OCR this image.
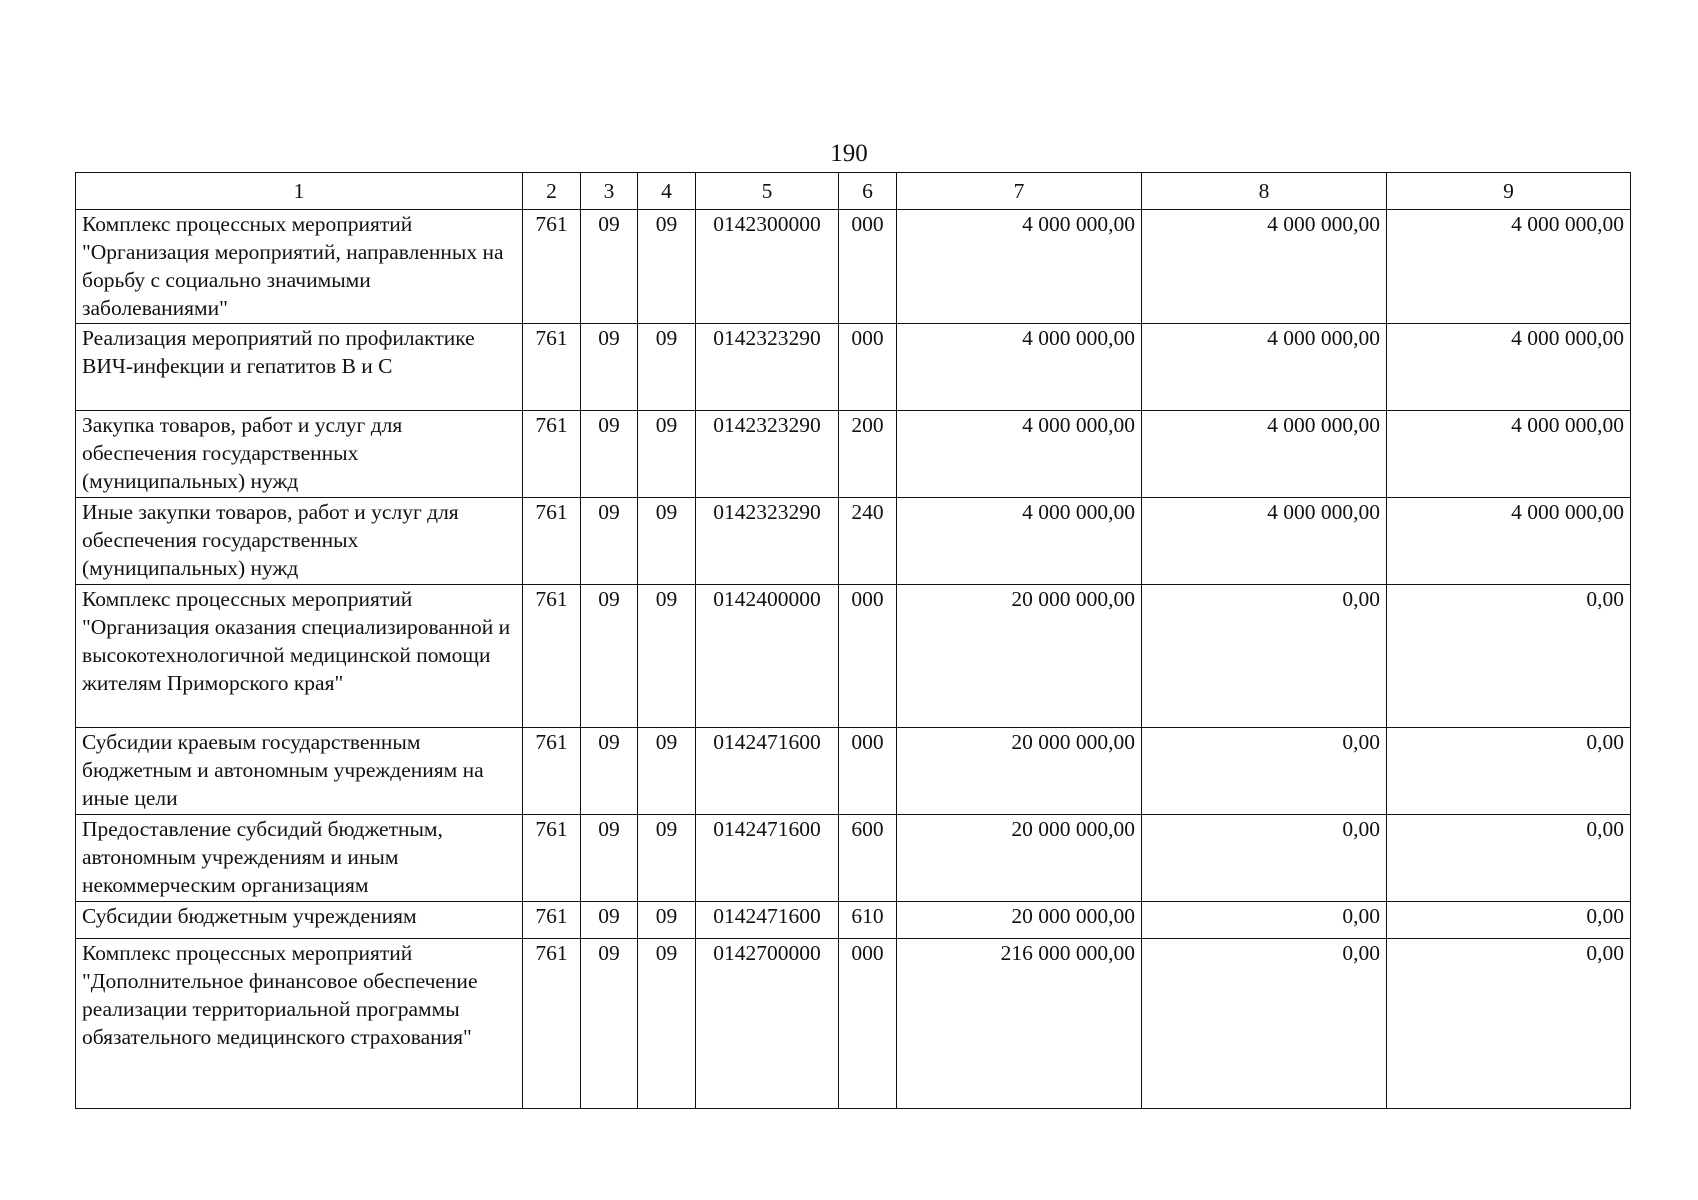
190
1	2	3	4	5	6	7	8	9
Комплекс процессных мероприятий "Организация мероприятий, направленных на борьбу с социально значимыми заболеваниями"	761	09	09	0142300000	000	4 000 000,00	4 000 000,00	4 000 000,00
Реализация мероприятий по профилактике ВИЧ-инфекции и гепатитов В и С	761	09	09	0142323290	000	4 000 000,00	4 000 000,00	4 000 000,00
Закупка товаров, работ и услуг для обеспечения государственных (муниципальных) нужд	761	09	09	0142323290	200	4 000 000,00	4 000 000,00	4 000 000,00
Иные закупки товаров, работ и услуг для обеспечения государственных (муниципальных) нужд	761	09	09	0142323290	240	4 000 000,00	4 000 000,00	4 000 000,00
Комплекс процессных мероприятий "Организация оказания специализированной и высокотехнологичной медицинской помощи жителям Приморского края"	761	09	09	0142400000	000	20 000 000,00	0,00	0,00
Субсидии краевым государственным бюджетным и автономным учреждениям на иные цели	761	09	09	0142471600	000	20 000 000,00	0,00	0,00
Предоставление субсидий бюджетным, автономным учреждениям и иным некоммерческим организациям	761	09	09	0142471600	600	20 000 000,00	0,00	0,00
Субсидии бюджетным учреждениям	761	09	09	0142471600	610	20 000 000,00	0,00	0,00
Комплекс процессных мероприятий "Дополнительное финансовое обеспечение реализации территориальной программы обязательного медицинского страхования"	761	09	09	0142700000	000	216 000 000,00	0,00	0,00
